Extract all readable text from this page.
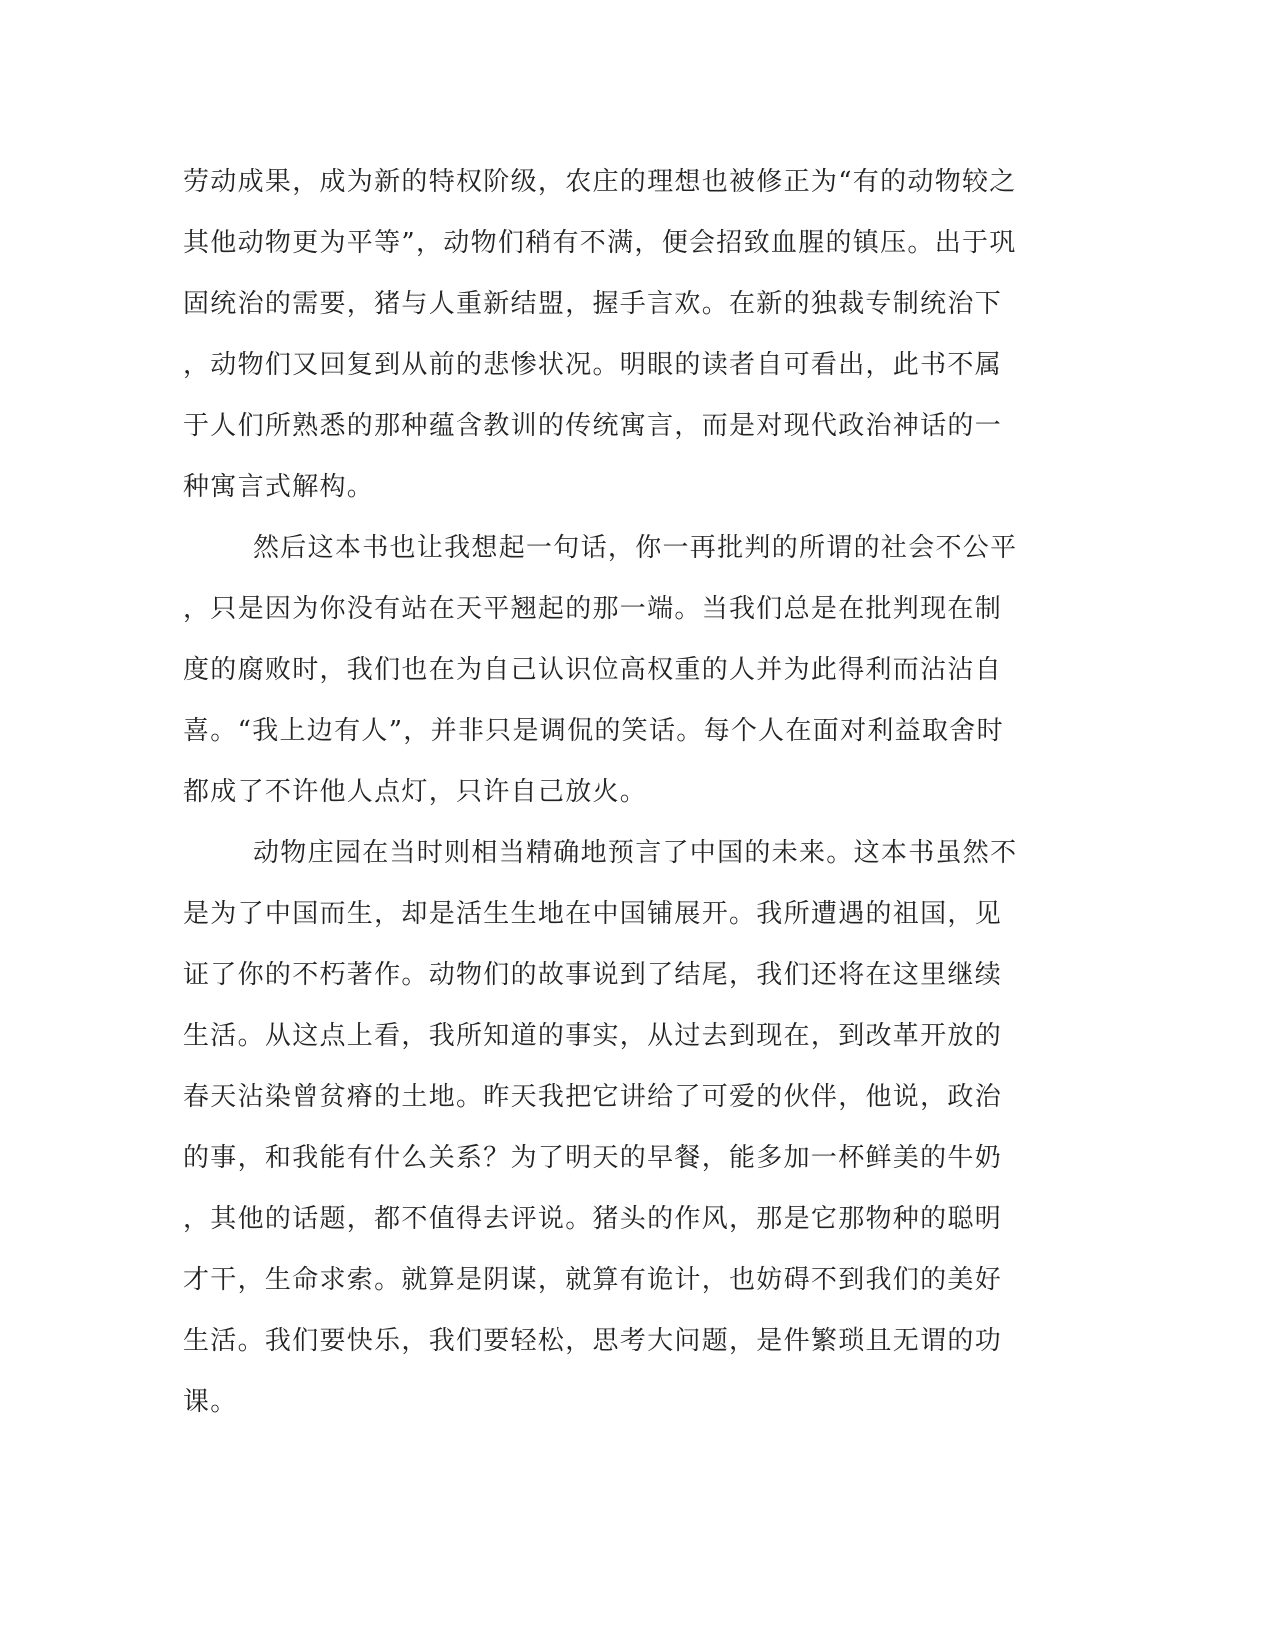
劳动成果，成为新的特权阶级，农庄的理想也被修正为“有的动物较之
其他动物更为平等”，动物们稍有不满，便会招致血腥的镇压。出于巩
固统治的需要，猪与人重新结盟，握手言欢。在新的独裁专制统治下
，动物们又回复到从前的悲惨状况。明眼的读者自可看出，此书不属
于人们所熟悉的那种蕴含教训的传统寓言，而是对现代政治神话的一
种寓言式解构。
然后这本书也让我想起一句话，你一再批判的所谓的社会不公平
，只是因为你没有站在天平翘起的那一端。当我们总是在批判现在制
度的腐败时，我们也在为自己认识位高权重的人并为此得利而沾沾自
喜。“我上边有人”，并非只是调侃的笑话。每个人在面对利益取舍时
都成了不许他人点灯，只许自己放火。
动物庄园在当时则相当精确地预言了中国的未来。这本书虽然不
是为了中国而生，却是活生生地在中国铺展开。我所遭遇的祖国，见
证了你的不朽著作。动物们的故事说到了结尾，我们还将在这里继续
生活。从这点上看，我所知道的事实，从过去到现在，到改革开放的
春天沾染曾贫瘠的土地。昨天我把它讲给了可爱的伙伴，他说，政治
的事，和我能有什么关系？为了明天的早餐，能多加一杯鲜美的牛奶
，其他的话题，都不值得去评说。猪头的作风，那是它那物种的聪明
才干，生命求索。就算是阴谋，就算有诡计，也妨碍不到我们的美好
生活。我们要快乐，我们要轻松，思考大问题，是件繁琐且无谓的功
课。
